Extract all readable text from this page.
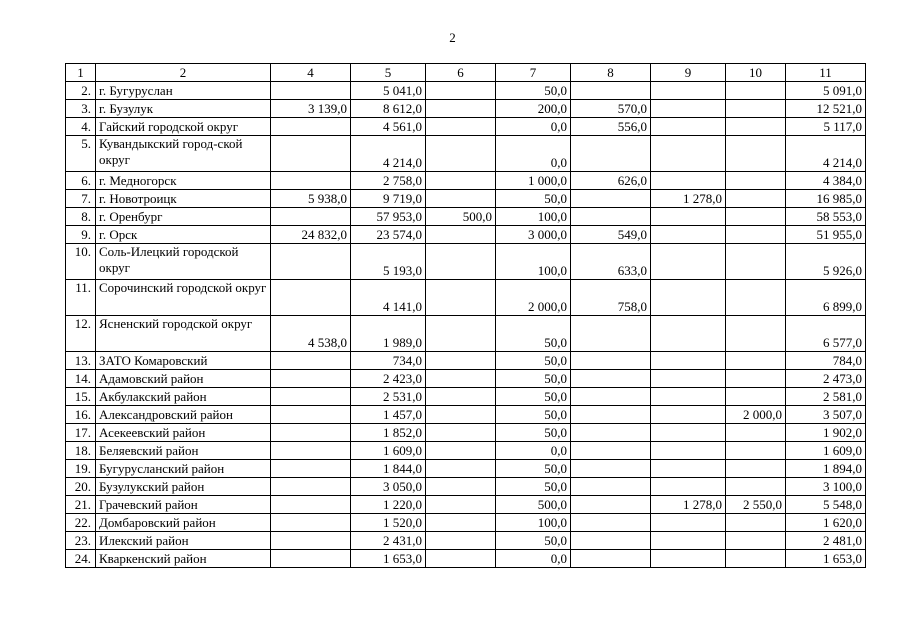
2
1	2	4	5	6	7	8	9	10	11
2.	г. Бугуруслан		5 041,0		50,0				5 091,0
3.	г. Бузулук	3 139,0	8 612,0		200,0	570,0			12 521,0
4.	Гайский городской округ		4 561,0		0,0	556,0			5 117,0
5.	Кувандыкский город-ской округ		4 214,0		0,0				4 214,0
6.	г. Медногорск		2 758,0		1 000,0	626,0			4 384,0
7.	г. Новотроицк	5 938,0	9 719,0		50,0		1 278,0		16 985,0
8.	г. Оренбург		57 953,0	500,0	100,0				58 553,0
9.	г. Орск	24 832,0	23 574,0		3 000,0	549,0			51 955,0
10.	Соль-Илецкий городской округ		5 193,0		100,0	633,0			5 926,0
11.	Сорочинский городской округ		4 141,0		2 000,0	758,0			6 899,0
12.	Ясненский городской округ	4 538,0	1 989,0		50,0				6 577,0
13.	ЗАТО Комаровский		734,0		50,0				784,0
14.	Адамовский район		2 423,0		50,0				2 473,0
15.	Акбулакский район		2 531,0		50,0				2 581,0
16.	Александровский район		1 457,0		50,0			2 000,0	3 507,0
17.	Асекеевский район		1 852,0		50,0				1 902,0
18.	Беляевский район		1 609,0		0,0				1 609,0
19.	Бугурусланский район		1 844,0		50,0				1 894,0
20.	Бузулукский район		3 050,0		50,0				3 100,0
21.	Грачевский район		1 220,0		500,0		1 278,0	2 550,0	5 548,0
22.	Домбаровский район		1 520,0		100,0				1 620,0
23.	Илекский район		2 431,0		50,0				2 481,0
24.	Кваркенский район		1 653,0		0,0				1 653,0
